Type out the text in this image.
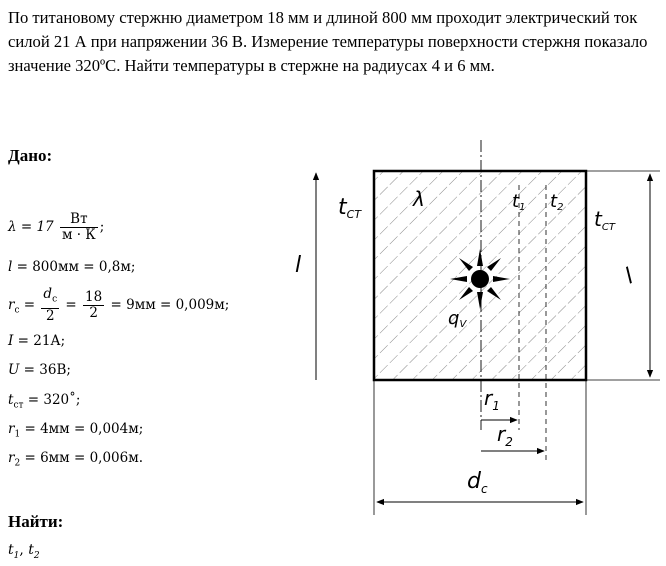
По титановому стержню диаметром 18 мм и длиной 800 мм проходит электрический ток силой 21 А при напряжении 36 В. Измерение температуры поверхности стержня показало значение 320ºС. Найти температуры в стержне на радиусах 4 и 6 мм.
Дано:
$\lambda = 17 \frac{Вт}{м \cdot К}$ ;
l = 800мм = 0,8м;
$r_c = \frac{d_c}{2} = \frac{18}{2} = 9мм = 0,009м$;
I = 21А;
U = 36В;
$t_{ст}$ = 320˚;
$r_1 = 4мм = 0,004м$;
$r_2 = 6мм = 0,006м$.
Найти:
$t_1$, $t_2$
tСТ
λ	t1 t2 $t_{СТ}$
l	l
qV
$r_1$
$r_2$
$d_c$
